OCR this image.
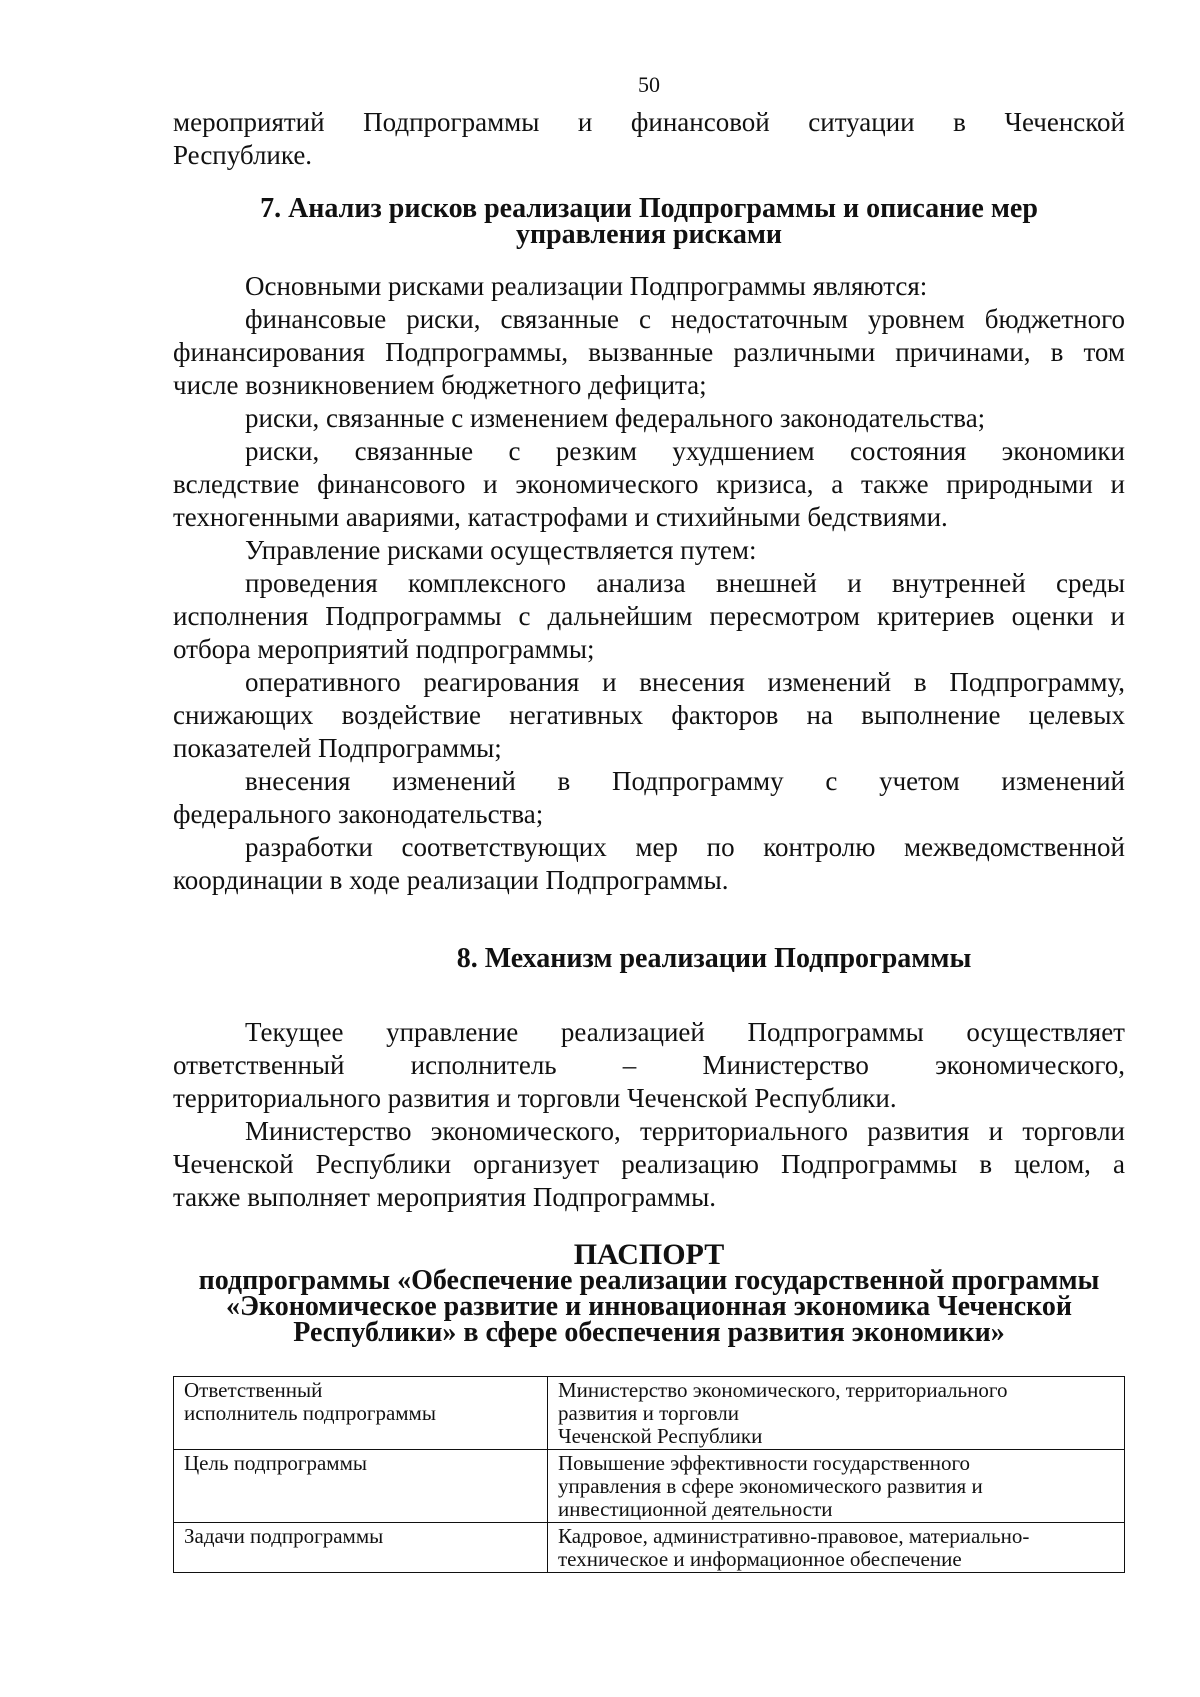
50

мероприятий Подпрограммы и финансовой ситуации в Чеченской
Республике.

7. Анализ рисков реализации Подпрограммы и описание мер
управления рисками

Основными рисками реализации Подпрограммы являются:

финансовые риски, связанные с недостаточным уровнем бюджетного
финансирования Подпрограммы, вызванные различными причинами, в том
числе возникновением бюджетного дефицита;

риски, связанные с изменением федерального законодательства;

риски, связанные с резким ухудшением состояния экономики
вследствие финансового и экономического кризиса, а также природными и
техногенными авариями, катастрофами и стихийными бедствиями.

Управление рисками осуществляется путем:

проведения комплексного анализа внешней и внутренней среды
исполнения Подпрограммы с дальнейшим пересмотром критериев оценки и
отбора мероприятий подпрограммы;

оперативного реагирования и внесения изменений в Подпрограмму,
снижающих воздействие негативных факторов на выполнение целевых
показателей Подпрограммы;

внесения изменений в Подпрограмму с учетом изменений
федерального законодательства;

разработки соответствующих мер по контролю межведомственной
координации в ходе реализации Подпрограммы.

8. Механизм реализации Подпрограммы

Текущее управление реализацией Подпрограммы осуществляет
ответственный исполнитель – Министерство экономического,
территориального развития и торговли Чеченской Республики.

Министерство экономического, территориального развития и торговли
Чеченской Республики организует реализацию Подпрограммы в целом, а
также выполняет мероприятия Подпрограммы.

ПАСПОРТ
подпрограммы «Обеспечение реализации государственной программы
«Экономическое развитие и инновационная экономика Чеченской
Республики» в сфере обеспечения развития экономики»
Ответственный
исполнитель подпрограммы	Министерство экономического, территориального
развития и торговли
Чеченской Республики

Цель подпрограммы	Повышение эффективности государственного
управления в сфере экономического развития и
инвестиционной деятельности

Задачи подпрограммы	Кадровое, административно-правовое, материально-
техническое и информационное обеспечение
